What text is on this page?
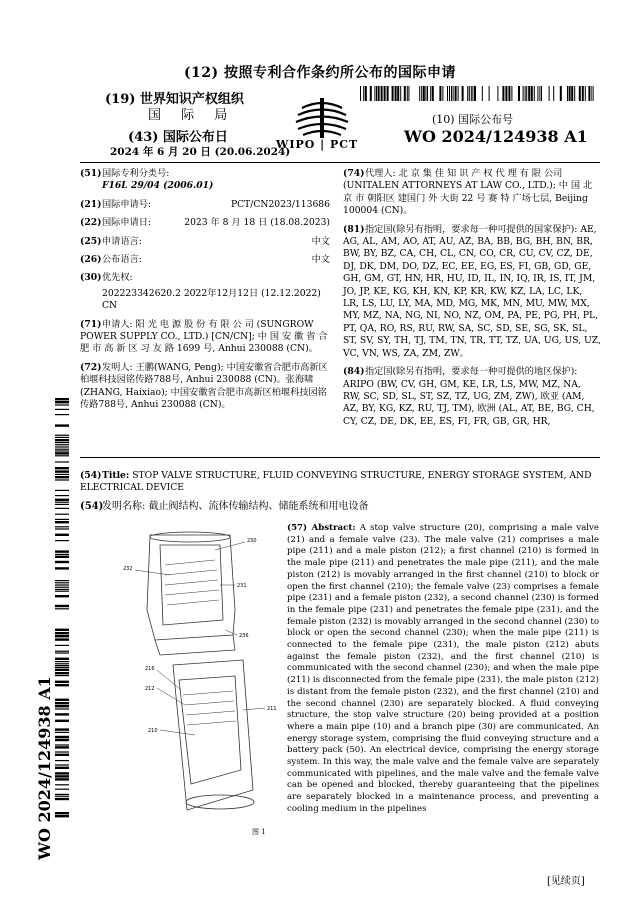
(12) 按照专利合作条约所公布的国际申请
(19) 世界知识产权组织
国 际 局
(43) 国际公布日
2024 年 6 月 20 日 (20.06.2024)
WIPO | PCT
(10) 国际公布号
WO 2024/124938 A1
(51)国际专利分类号:
F16L 29/04 (2006.01)
(21)国际申请号:	PCT/CN2023/113686
(22)国际申请日:	2023 年 8 月 18 日 (18.08.2023)
(25)申请语言:	中文
(26)公布语言:	中文
(30)优先权:
202223342620.2 2022年12月12日 (12.12.2022) CN
(71)申请人: 阳 光 电 源 股 份 有 限 公 司 (SUNGROW POWER SUPPLY CO., LTD.) [CN/CN]; 中 国 安 徽 省 合 肥 市 高 新 区 习 友 路 1699 号, Anhui 230088 (CN)。
(72)发明人: 王鹏(WANG, Peng); 中国安徽省合肥市高新区柏堰科技园铭传路788号, Anhui 230088 (CN)。张海啸(ZHANG, Haixiao); 中国安徽省合肥市高新区柏堰科技园铭传路788号, Anhui 230088 (CN)。
(74)代理人: 北 京 集 佳 知 识 产 权 代 理 有 限 公司(UNITALEN ATTORNEYS AT LAW CO., LTD.); 中 国 北 京 市 朝阳区 建国门 外 大街 22 号 赛 特 广场七层, Beijing 100004 (CN)。
(81)指定国(除另有指明，要求每一种可提供的国家保护): AE, AG, AL, AM, AO, AT, AU, AZ, BA, BB, BG, BH, BN, BR, BW, BY, BZ, CA, CH, CL, CN, CO, CR, CU, CV, CZ, DE, DJ, DK, DM, DO, DZ, EC, EE, EG, ES, FI, GB, GD, GE, GH, GM, GT, HN, HR, HU, ID, IL, IN, IQ, IR, IS, IT, JM, JO, JP, KE, KG, KH, KN, KP, KR, KW, KZ, LA, LC, LK, LR, LS, LU, LY, MA, MD, MG, MK, MN, MU, MW, MX, MY, MZ, NA, NG, NI, NO, NZ, OM, PA, PE, PG, PH, PL, PT, QA, RO, RS, RU, RW, SA, SC, SD, SE, SG, SK, SL, ST, SV, SY, TH, TJ, TM, TN, TR, TT, TZ, UA, UG, US, UZ, VC, VN, WS, ZA, ZM, ZW。
(84)指定国(除另有指明，要求每一种可提供的地区保护): ARIPO (BW, CV, GH, GM, KE, LR, LS, MW, MZ, NA, RW, SC, SD, SL, ST, SZ, TZ, UG, ZM, ZW), 欧亚 (AM, AZ, BY, KG, KZ, RU, TJ, TM), 欧洲 (AL, AT, BE, BG, CH, CY, CZ, DE, DK, EE, ES, FI, FR, GB, GR, HR,
(54)Title: STOP VALVE STRUCTURE, FLUID CONVEYING STRUCTURE, ENERGY STORAGE SYSTEM, AND ELECTRICAL DEVICE
(54)发明名称: 截止阀结构、流体传输结构、储能系统和用电设备
WO 2024/124938 A1
230
232
231
236
216
212
211
210
图 1
(57) Abstract: A stop valve structure (20), comprising a male valve (21) and a female valve (23). The male valve (21) comprises a male pipe (211) and a male piston (212); a first channel (210) is formed in the male pipe (211) and penetrates the male pipe (211), and the male piston (212) is movably arranged in the first channel (210) to block or open the first channel (210); the female valve (23) comprises a female pipe (231) and a female piston (232), a second channel (230) is formed in the female pipe (231) and penetrates the female pipe (231), and the female piston (232) is movably arranged in the second channel (230) to block or open the second channel (230); when the male pipe (211) is connected to the female pipe (231), the male piston (212) abuts against the female piston (232), and the first channel (210) is communicated with the second channel (230); and when the male pipe (211) is disconnected from the female pipe (231), the male piston (212) is distant from the female piston (232), and the first channel (210) and the second channel (230) are separately blocked. A fluid conveying structure, the stop valve structure (20) being provided at a position where a main pipe (10) and a branch pipe (30) are communicated. An energy storage system, comprising the fluid conveying structure and a battery pack (50). An electrical device, comprising the energy storage system. In this way, the male valve and the female valve are separately communicated with pipelines, and the male valve and the female valve can be opened and blocked, thereby guaranteeing that the pipelines are separately blocked in a maintenance process, and preventing a cooling medium in the pipelines
[见续页]
